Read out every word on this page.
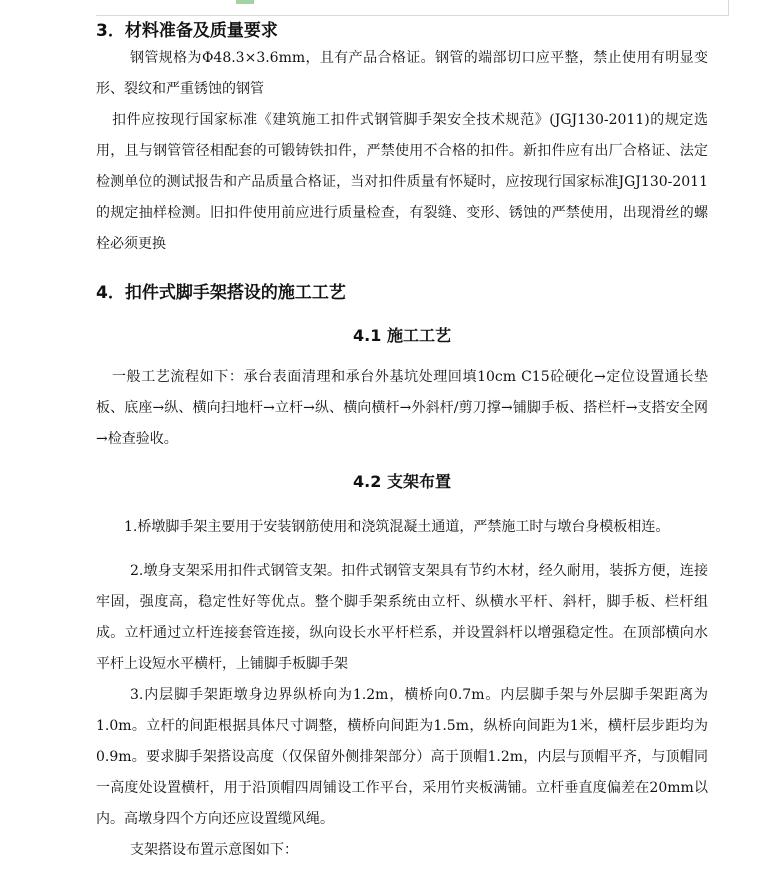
3．材料准备及质量要求

钢管规格为Φ48.3×3.6mm，且有产品合格证。钢管的端部切口应平整，禁止使用有明显变形、裂纹和严重锈蚀的钢管

扣件应按现行国家标准《建筑施工扣件式钢管脚手架安全技术规范》(JGJ130-2011)的规定选用，且与钢管管径相配套的可锻铸铁扣件，严禁使用不合格的扣件。新扣件应有出厂合格证、法定检测单位的测试报告和产品质量合格证，当对扣件质量有怀疑时，应按现行国家标准JGJ130-2011的规定抽样检测。旧扣件使用前应进行质量检查，有裂缝、变形、锈蚀的严禁使用，出现滑丝的螺栓必须更换

4．扣件式脚手架搭设的施工工艺
4.1 施工工艺

一般工艺流程如下：承台表面清理和承台外基坑处理回填10cm C15砼硬化→定位设置通长垫板、底座→纵、横向扫地杆→立杆→纵、横向横杆→外斜杆/剪刀撑→铺脚手板、搭栏杆→支搭安全网→检查验收。

4.2 支架布置

1.桥墩脚手架主要用于安装钢筋使用和浇筑混凝土通道，严禁施工时与墩台身模板相连。

2.墩身支架采用扣件式钢管支架。扣件式钢管支架具有节约木材，经久耐用，装拆方便，连接牢固，强度高，稳定性好等优点。整个脚手架系统由立杆、纵横水平杆、斜杆，脚手板、栏杆组成。立杆通过立杆连接套管连接，纵向设长水平杆栏系，并设置斜杆以增强稳定性。在顶部横向水平杆上设短水平横杆，上铺脚手板脚手架

3.内层脚手架距墩身边界纵桥向为1.2m，横桥向0.7m。内层脚手架与外层脚手架距离为1.0m。立杆的间距根据具体尺寸调整，横桥向间距为1.5m，纵桥向间距为1米，横杆层步距均为0.9m。要求脚手架搭设高度（仅保留外侧排架部分）高于顶帽1.2m，内层与顶帽平齐，与顶帽同一高度处设置横杆，用于沿顶帽四周铺设工作平台，采用竹夹板满铺。立杆垂直度偏差在20mm以内。高墩身四个方向还应设置缆风绳。

支架搭设布置示意图如下：
